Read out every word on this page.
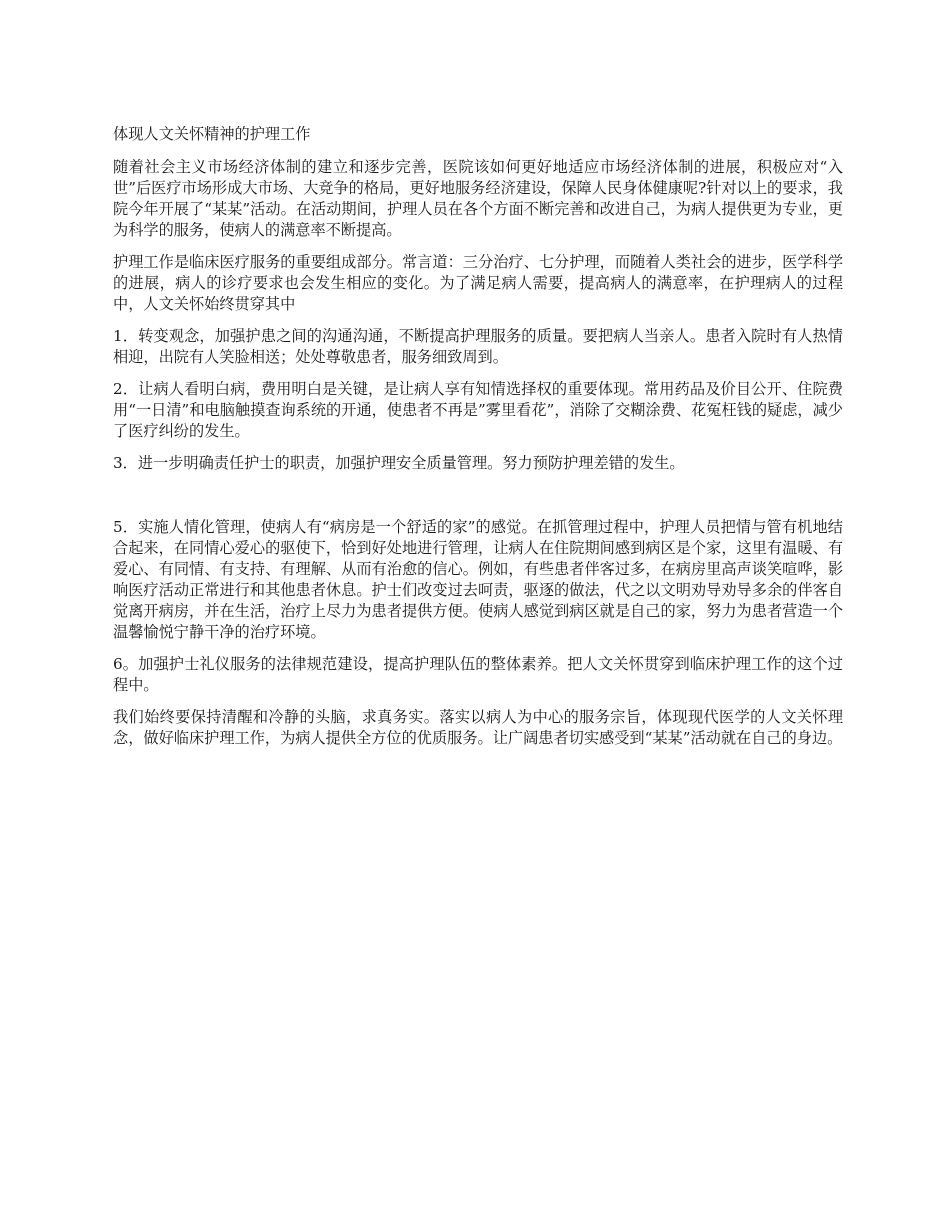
体现人文关怀精神的护理工作

随着社会主义市场经济体制的建立和逐步完善，医院该如何更好地适应市场经济体制的进展，积极应对“入世”后医疗市场形成大市场、大竞争的格局，更好地服务经济建设，保障人民身体健康呢?针对以上的要求，我院今年开展了“某某”活动。在活动期间，护理人员在各个方面不断完善和改进自己，为病人提供更为专业，更为科学的服务，使病人的满意率不断提高。

护理工作是临床医疗服务的重要组成部分。常言道：三分治疗、七分护理，而随着人类社会的进步，医学科学的进展，病人的诊疗要求也会发生相应的变化。为了满足病人需要，提高病人的满意率，在护理病人的过程中，人文关怀始终贯穿其中

1．转变观念，加强护患之间的沟通沟通，不断提高护理服务的质量。要把病人当亲人。患者入院时有人热情相迎，出院有人笑脸相送；处处尊敬患者，服务细致周到。

2．让病人看明白病，费用明白是关键，是让病人享有知情选择权的重要体现。常用药品及价目公开、住院费用“一日清”和电脑触摸查询系统的开通，使患者不再是”雾里看花”，消除了交糊涂费、花冤枉钱的疑虑，减少了医疗纠纷的发生。

3．进一步明确责任护士的职责，加强护理安全质量管理。努力预防护理差错的发生。

5．实施人情化管理，使病人有“病房是一个舒适的家”的感觉。在抓管理过程中，护理人员把情与管有机地结合起来，在同情心爱心的驱使下，恰到好处地进行管理，让病人在住院期间感到病区是个家，这里有温暖、有爱心、有同情、有支持、有理解、从而有治愈的信心。例如，有些患者伴客过多，在病房里高声谈笑喧哗，影响医疗活动正常进行和其他患者休息。护士们改变过去呵责，驱逐的做法，代之以文明劝导劝导多余的伴客自觉离开病房，并在生活，治疗上尽力为患者提供方便。使病人感觉到病区就是自己的家，努力为患者营造一个温馨愉悦宁静干净的治疗环境。

6。加强护士礼仪服务的法律规范建设，提高护理队伍的整体素养。把人文关怀贯穿到临床护理工作的这个过程中。

我们始终要保持清醒和冷静的头脑，求真务实。落实以病人为中心的服务宗旨，体现现代医学的人文关怀理念，做好临床护理工作，为病人提供全方位的优质服务。让广阔患者切实感受到“某某”活动就在自己的身边。
